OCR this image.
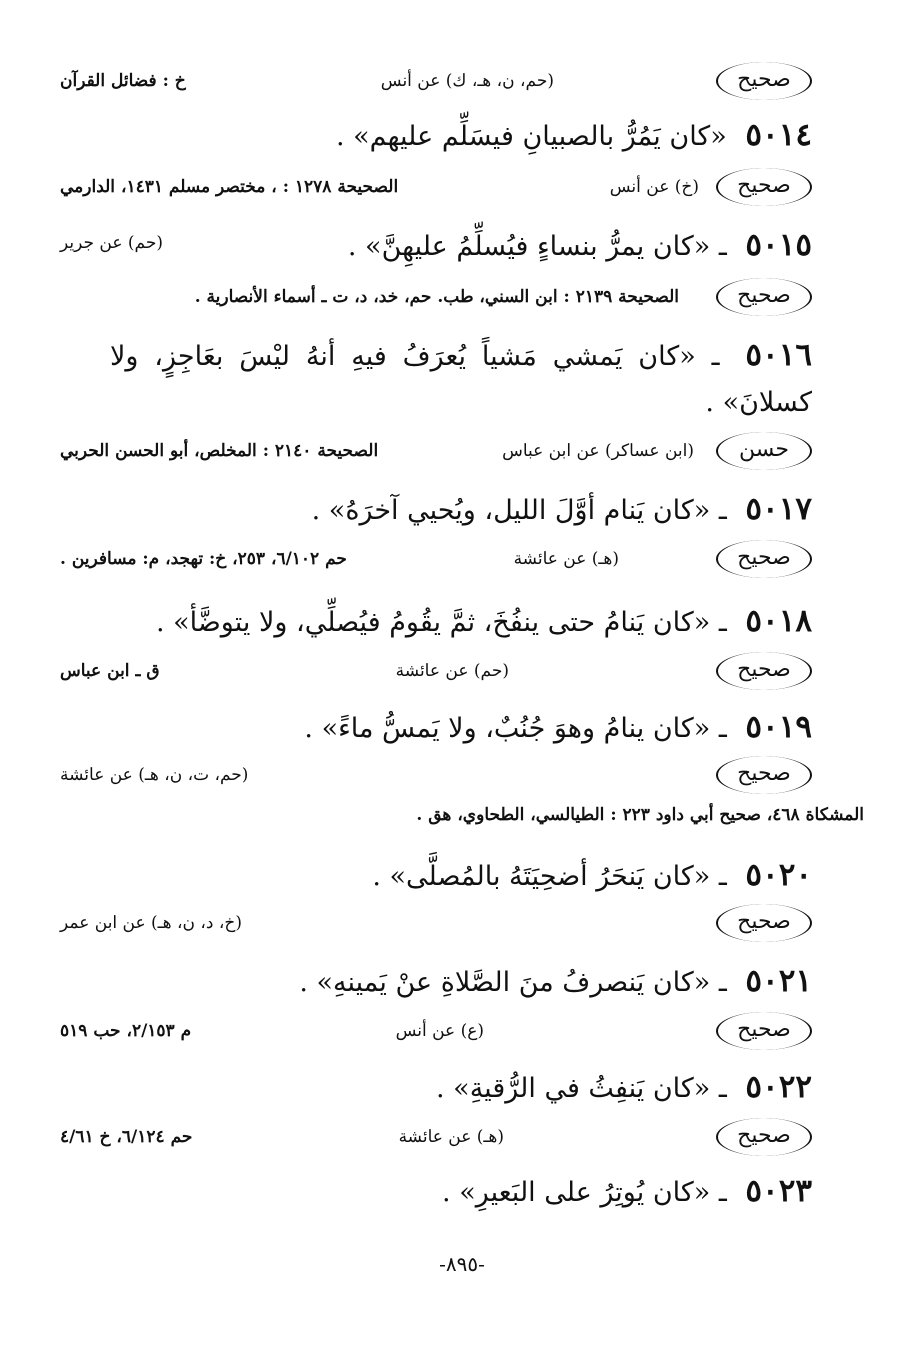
صحيح
(حم، ن، هـ، ك) عن أنس
خ : فضائل القرآن
٥٠١٤ «كان يَمُرُّ بالصبيانِ فيسَلِّم عليهم» .
صحيح
(خ) عن أنس
الصحيحة ١٢٧٨ : ، مختصر مسلم ١٤٣١، الدارمي
٥٠١٥ ـ «كان يمرُّ بنساءٍ فيُسلِّمُ عليهِنَّ» .
(حم) عن جرير
صحيح
الصحيحة ٢١٣٩ : ابن السني، طب. حم، خد، د، ت ـ أسماء الأنصارية .
٥٠١٦ ـ «كان يَمشي مَشياً يُعرَفُ فيهِ أنهُ ليْسَ بعَاجِزٍ، ولا كسلانَ» .
حسن
(ابن عساكر) عن ابن عباس
الصحيحة ٢١٤٠ : المخلص، أبو الحسن الحربي
٥٠١٧ ـ «كان يَنام أوَّلَ الليل، ويُحيي آخرَهُ» .
صحيح
(هـ) عن عائشة
حم ٦/١٠٢، ٢٥٣، خ: تهجد، م: مسافرين .
٥٠١٨ ـ «كان يَنامُ حتى ينفُخَ، ثمَّ يقُومُ فيُصلِّي، ولا يتوضَّأ» .
صحيح
(حم) عن عائشة
ق ـ ابن عباس
٥٠١٩ ـ «كان ينامُ وهوَ جُنُبٌ، ولا يَمسُّ ماءً» .
صحيح
(حم، ت، ن، هـ) عن عائشة
المشكاة ٤٦٨، صحيح أبي داود ٢٢٣ : الطيالسي، الطحاوي، هق .
٥٠٢٠ ـ «كان يَنحَرُ أضحِيَتَهُ بالمُصلَّى» .
صحيح
(خ، د، ن، هـ) عن ابن عمر
٥٠٢١ ـ «كان يَنصرفُ منَ الصَّلاةِ عنْ يَمينهِ» .
صحيح
(ع) عن أنس
م ٢/١٥٣، حب ٥١٩
٥٠٢٢ ـ «كان يَنفِثُ في الرُّقيةِ» .
صحيح
(هـ) عن عائشة
حم ٦/١٢٤، خ ٤/٦١
٥٠٢٣ ـ «كان يُوتِرُ على البَعيرِ» .
-٨٩٥-
